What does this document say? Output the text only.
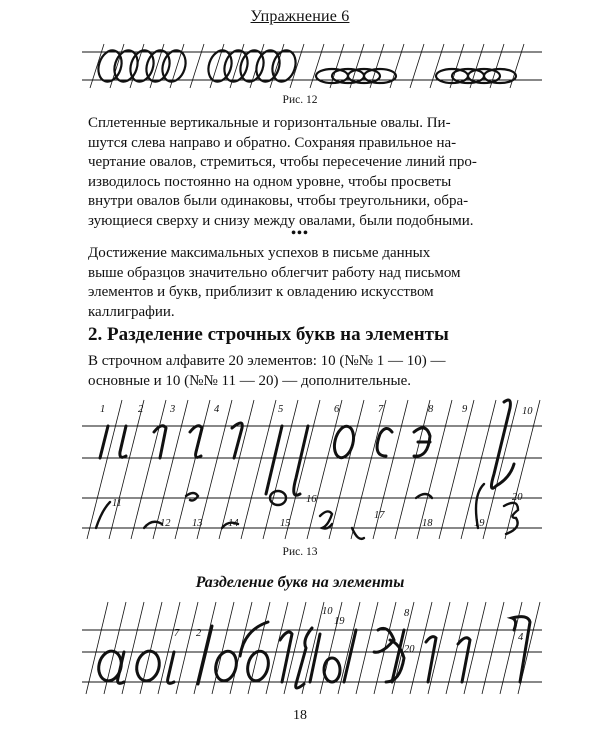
Упражнение 6
Рис. 12

Сплетенные вертикальные и горизонтальные овалы. Пи-
шутся слева направо и обратно. Сохраняя правильное на-
чертание овалов, стремиться, чтобы пересечение линий про-
изводилось постоянно на одном уровне, чтобы просветы
внутри овалов были одинаковы, чтобы треугольники, обра-
зующиеся сверху и снизу между овалами, были подобными.

•••

Достижение максимальных успехов в письме данных
выше образцов значительно облегчит работу над письмом
элементов и букв, приблизит к овладению искусством
каллиграфии.

2. Разделение строчных букв на элементы

В строчном алфавите 20 элементов: 10 (№№ 1 — 10) —
основные и 10 (№№ 11 — 20) — дополнительные.

1	2	3	4	5	6	7	8	9	10
11
12 13 14	15
16
17
18	19
20
Рис. 13
Разделение букв на элементы
7 2
10
19
8
20
4
18
